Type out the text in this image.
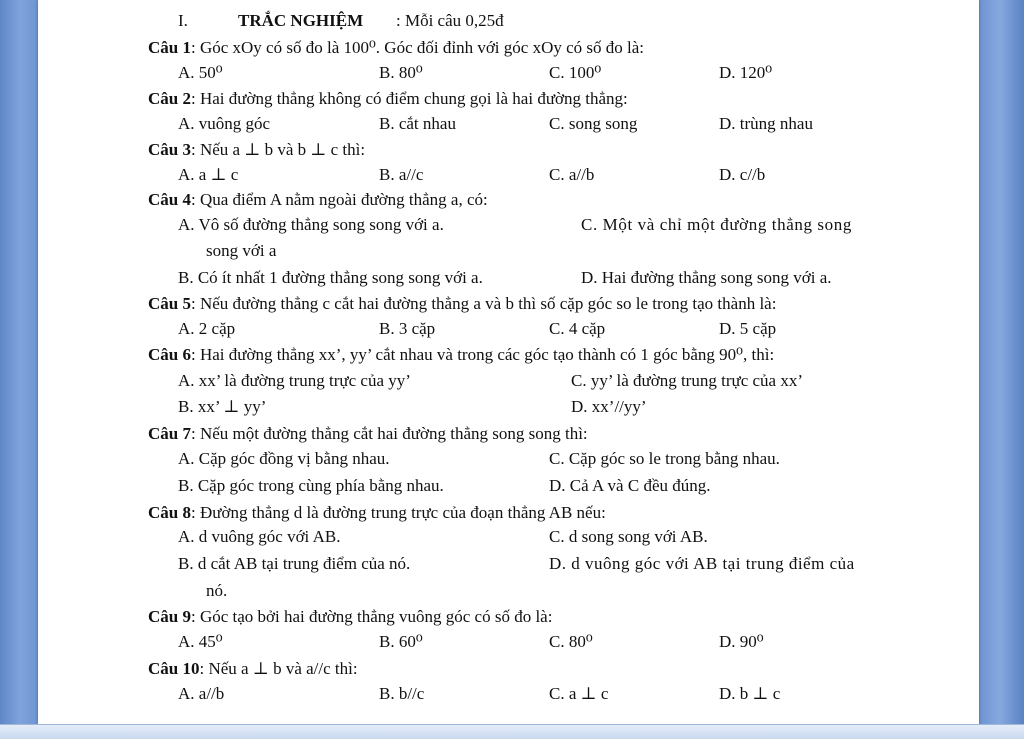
I.	TRẮC NGHIỆM : Mỗi câu 0,25đ
Câu 1: Góc xOy có số đo là 100⁰. Góc đối đỉnh với góc xOy có số đo là:
A. 50⁰	B. 80⁰	C. 100⁰	D. 120⁰
Câu 2: Hai đường thẳng không có điểm chung gọi là hai đường thẳng:
A. vuông góc	B. cắt nhau	C. song song	D. trùng nhau
Câu 3: Nếu a ⊥ b và b ⊥ c thì:
A. a ⊥ c	B. a//c	C. a//b	D. c//b
Câu 4: Qua điểm A nằm ngoài đường thẳng a, có:
A. Vô số đường thẳng song song với a.	C. Một và chỉ một đường thẳng song
song với a
B. Có ít nhất 1 đường thẳng song song với a.	D. Hai đường thẳng song song với a.
Câu 5: Nếu đường thẳng c cắt hai đường thẳng a và b thì số cặp góc so le trong tạo thành là:
A. 2 cặp	B. 3 cặp	C. 4 cặp	D. 5 cặp
Câu 6: Hai đường thẳng xx’, yy’ cắt nhau và trong các góc tạo thành có 1 góc bằng 90⁰, thì:
A. xx’ là đường trung trực của yy’	C. yy’ là đường trung trực của xx’
B. xx’ ⊥ yy’	D. xx’//yy’
Câu 7: Nếu một đường thẳng cắt hai đường thẳng song song thì:
A. Cặp góc đồng vị bằng nhau.	C. Cặp góc so le trong bằng nhau.
B. Cặp góc trong cùng phía bằng nhau.	D. Cả A và C đều đúng.
Câu 8: Đường thẳng d là đường trung trực của đoạn thẳng AB nếu:
A. d vuông góc với AB.	C. d song song với AB.
B. d cắt AB tại trung điểm của nó.	D. d vuông góc với AB tại trung điểm của
nó.
Câu 9: Góc tạo bởi hai đường thẳng vuông góc có số đo là:
A. 45⁰	B. 60⁰	C. 80⁰	D. 90⁰
Câu 10: Nếu a ⊥ b và a//c thì:
A. a//b	B. b//c	C. a ⊥ c	D. b ⊥ c
